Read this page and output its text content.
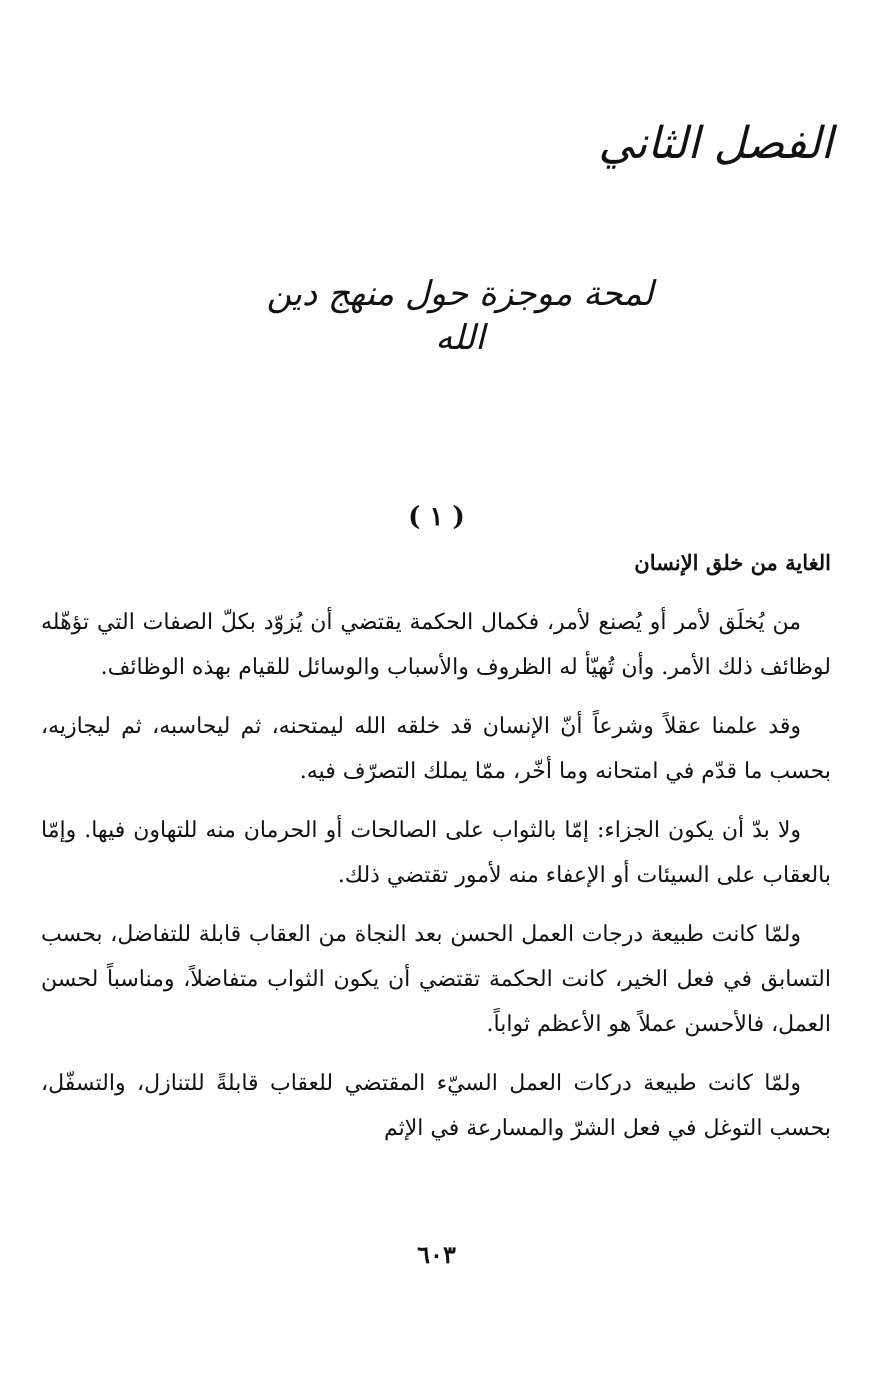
الفصل الثاني
لمحة موجزة حول منهج دين الله
( ١ )
الغاية من خلق الإنسان

من يُخلَق لأمر أو يُصنع لأمر، فكمال الحكمة يقتضي أن يُزوّد بكلّ الصفات التي تؤهّله لوظائف ذلك الأمر. وأن تُهيّأ له الظروف والأسباب والوسائل للقيام بهذه الوظائف.

وقد علمنا عقلاً وشرعاً أنّ الإنسان قد خلقه الله ليمتحنه، ثم ليحاسبه، ثم ليجازيه، بحسب ما قدّم في امتحانه وما أخّر، ممّا يملك التصرّف فيه.

ولا بدّ أن يكون الجزاء: إمّا بالثواب على الصالحات أو الحرمان منه للتهاون فيها. وإمّا بالعقاب على السيئات أو الإعفاء منه لأمور تقتضي ذلك.

ولمّا كانت طبيعة درجات العمل الحسن بعد النجاة من العقاب قابلة للتفاضل، بحسب التسابق في فعل الخير، كانت الحكمة تقتضي أن يكون الثواب متفاضلاً، ومناسباً لحسن العمل، فالأحسن عملاً هو الأعظم ثواباً.

ولمّا كانت طبيعة دركات العمل السيّء المقتضي للعقاب قابلةً للتنازل، والتسفّل، بحسب التوغل في فعل الشرّ والمسارعة في الإثم

٦٠٣
